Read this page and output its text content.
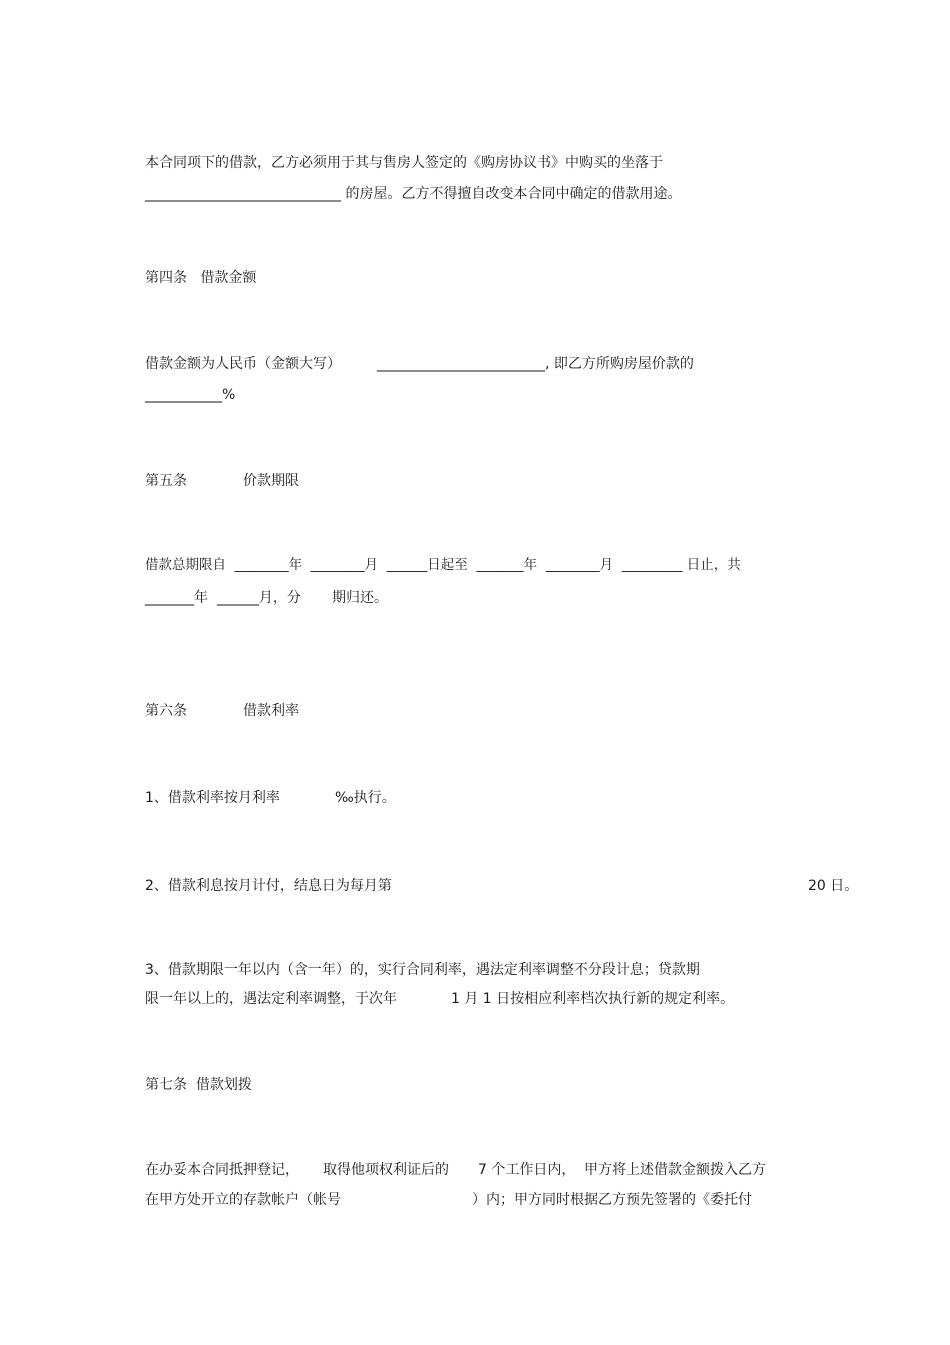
本合同项下的借款，乙方必须用于其与售房人签定的《购房协议书》中购买的坐落于

____________________________ 的房屋。乙方不得擅自改变本合同中确定的借款用途。

第四条   借款金额

借款金额为人民币（金额大写）	________________________, 即乙方所购房屋价款的

___________%

第五条	价款期限

借款总期限自  ________年  ________月  ______日起至  _______年  ________月  _________ 日止，共

_______年  ______月，分       期归还。

第六条	借款利率

1、借款利率按月利率	‰执行。

2、借款利息按月计付，结息日为每月第	20 日。

3、借款期限一年以内（含一年）的，实行合同利率，遇法定利率调整不分段计息；贷款期

限一年以上的，遇法定利率调整，于次年	1 月 1 日按相应利率档次执行新的规定利率。

第七条  借款划拨

在办妥本合同抵押登记， 取得他项权利证后的 7 个工作日内， 甲方将上述借款金额拨入乙方

在甲方处开立的存款帐户（帐号	）内；甲方同时根据乙方预先签署的《委托付
